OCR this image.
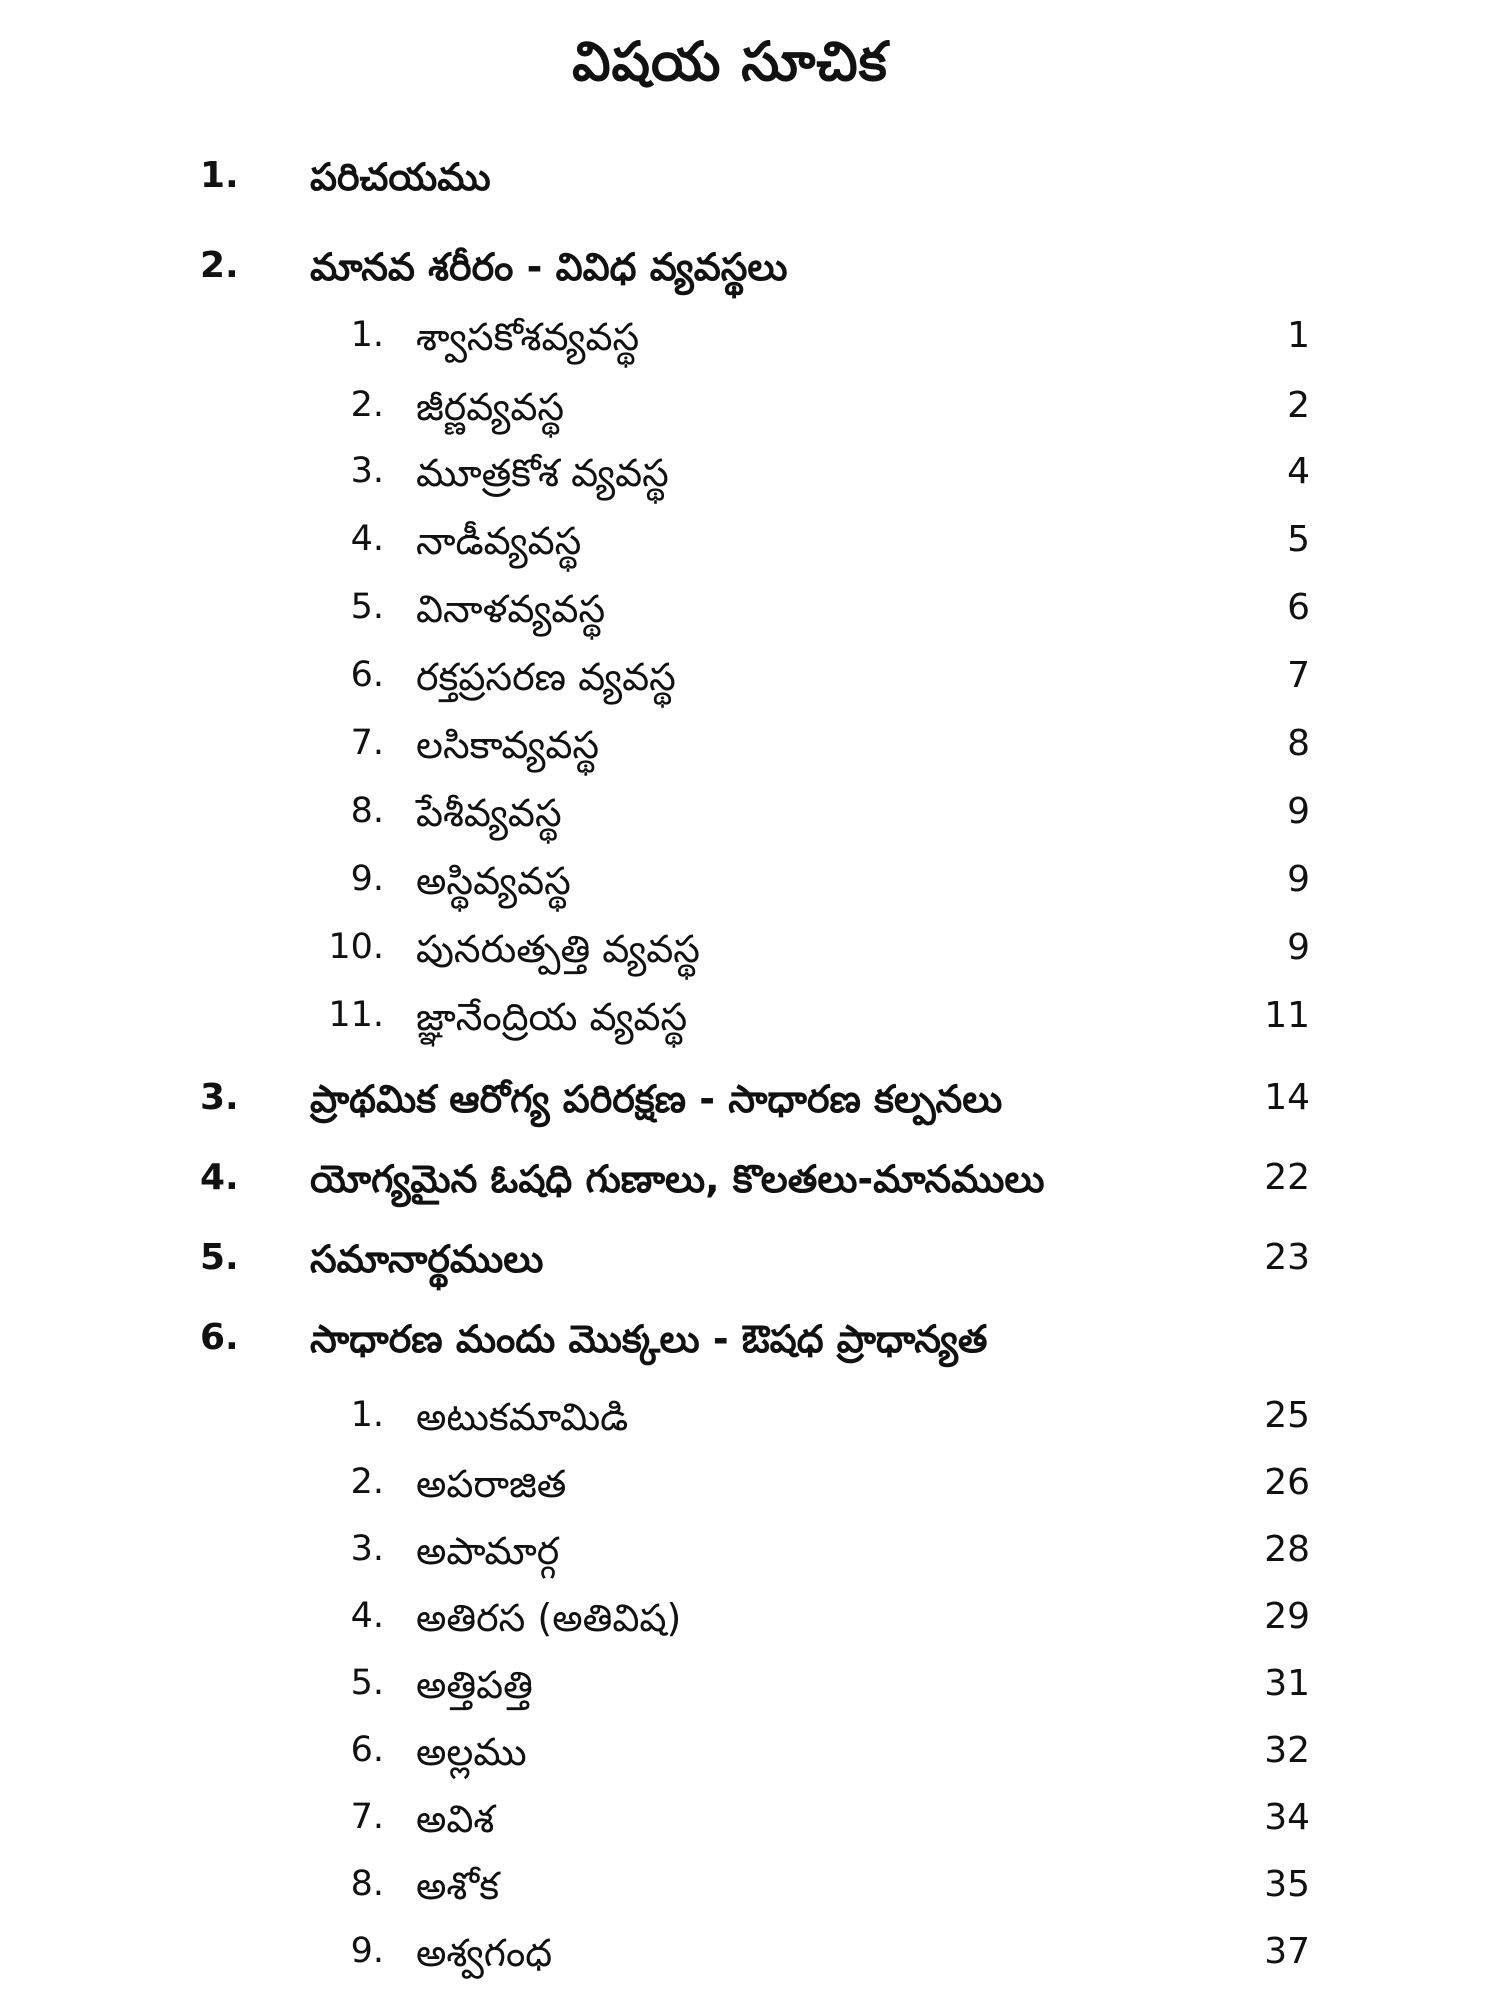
విషయ సూచిక
1.	పరిచయము
2.	మానవ శరీరం - వివిధ వ్యవస్థలు
1. శ్వాసకోశవ్యవస్థ	1
2. జీర్ణవ్యవస్థ	2
3. మూత్రకోశ వ్యవస్థ	4
4. నాడీవ్యవస్థ	5
5. వినాళవ్యవస్థ	6
6. రక్తప్రసరణ వ్యవస్థ	7
7. లసికావ్యవస్థ	8
8. పేశీవ్యవస్థ	9
9. అస్థివ్యవస్థ	9
10. పునరుత్పత్తి వ్యవస్థ	9
11. జ్ఞానేంద్రియ వ్యవస్థ	11
3.	ప్రాథమిక ఆరోగ్య పరిరక్షణ - సాధారణ కల్పనలు	14
4.	యోగ్యమైన ఓషధి గుణాలు, కొలతలు-మానములు	22
5.	సమానార్థములు	23
6.	సాధారణ మందు మొక్కలు - ఔషధ ప్రాధాన్యత
1. అటుకమామిడి	25
2. అపరాజిత	26
3. అపామార్గ	28
4. అతిరస (అతివిష)	29
5. అత్తిపత్తి	31
6. అల్లము	32
7. అవిశ	34
8. అశోక	35
9. అశ్వగంధ	37
